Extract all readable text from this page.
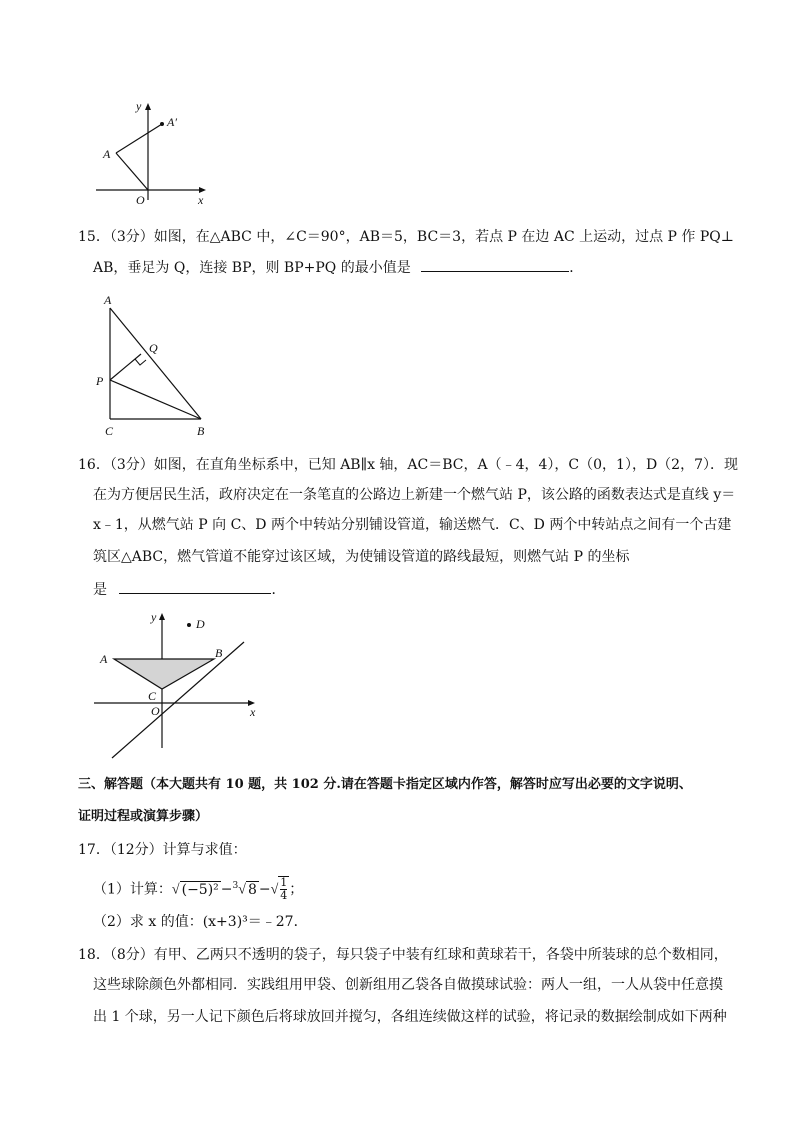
y
A′
A
O	x
15．（3分）如图，在△ABC 中，∠C＝90°，AB＝5，BC＝3，若点 P 在边 AC 上运动，过点 P 作 PQ⊥
AB，垂足为 Q，连接 BP，则 BP+PQ 的最小值是	．
A
Q
P
C	B
16．（3分）如图，在直角坐标系中，已知 AB∥x 轴，AC＝BC，A（﹣4，4），C（0，1），D（2，7）．现
在为方便居民生活，政府决定在一条笔直的公路边上新建一个燃气站 P，该公路的函数表达式是直线 y＝
x﹣1，从燃气站 P 向 C、D 两个中转站分别铺设管道，输送燃气．C、D 两个中转站点之间有一个古建
筑区△ABC，燃气管道不能穿过该区域，为使铺设管道的路线最短，则燃气站 P 的坐标
是	．
y	D
A	B
C
O	x
三、解答题（本大题共有 10 题，共 102 分.请在答题卡指定区域内作答，解答时应写出必要的文字说明、
证明过程或演算步骤）
17．（12分）计算与求值：
（1）计算：√ (−5)² −$^3$√ 8 −√ $\frac{1}{4}$ ；
（2）求 x 的值：(x+3)³＝﹣27．
18．（8分）有甲、乙两只不透明的袋子，每只袋子中装有红球和黄球若干，各袋中所装球的总个数相同，
这些球除颜色外都相同．实践组用甲袋、创新组用乙袋各自做摸球试验：两人一组，一人从袋中任意摸
出 1 个球，另一人记下颜色后将球放回并搅匀，各组连续做这样的试验，将记录的数据绘制成如下两种
